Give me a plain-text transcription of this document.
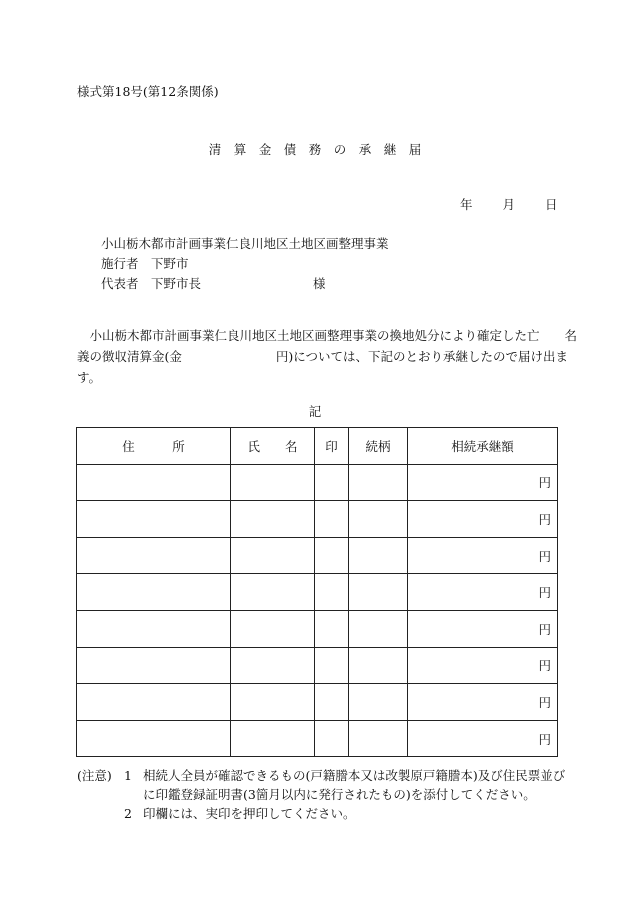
様式第18号(第12条関係)
清　算　金　債　務　の　承　継　届
年 月 日
小山栃木都市計画事業仁良川地区土地区画整理事業
施行者　下野市
代表者　下野市長	様
　小山栃木都市計画事業仁良川地区土地区画整理事業の換地処分により確定した亡　　名
義の徴収清算金(金	円)については、下記のとおり承継したので届け出ま
す。
記
住　　　所	氏　　名	印	続柄	相続承継額
				円
				円
				円
				円
				円
				円
				円
				円
(注意) 1 相続人全員が確認できるもの(戸籍謄本又は改製原戸籍謄本)及び住民票並び
に印鑑登録証明書(3箇月以内に発行されたもの)を添付してください。
2 印欄には、実印を押印してください。
